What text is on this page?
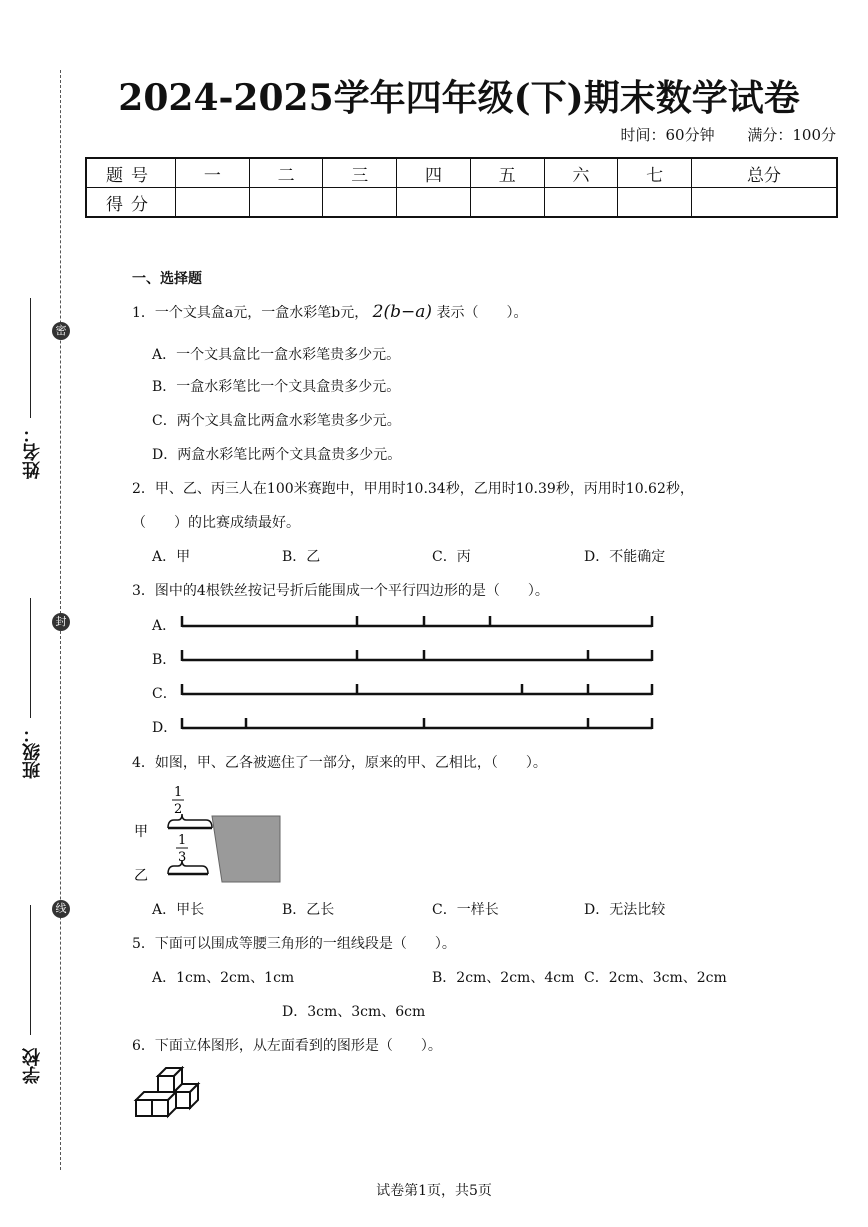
密
封
线
姓名：
班级：
学校
2024-2025学年四年级(下)期末数学试卷
时间：60分钟 满分：100分
题号	一	二	三	四	五	六	七	总分
得分								
一、选择题
1．一个文具盒a元，一盒水彩笔b元， 2(b−a) 表示（　　）。
A．一个文具盒比一盒水彩笔贵多少元。
B．一盒水彩笔比一个文具盒贵多少元。
C．两个文具盒比两盒水彩笔贵多少元。
D．两盒水彩笔比两个文具盒贵多少元。
2．甲、乙、丙三人在100米赛跑中，甲用时10.34秒，乙用时10.39秒，丙用时10.62秒，
（　　）的比赛成绩最好。
A．甲	B．乙	C．丙	D．不能确定
3．图中的4根铁丝按记号折后能围成一个平行四边形的是（　　）。
A．
B．
C．
D．
4．如图，甲、乙各被遮住了一部分，原来的甲、乙相比，（　　）。
1
2
甲
1
3
乙
A．甲长	B．乙长	C．一样长	D．无法比较
5．下面可以围成等腰三角形的一组线段是（　　）。
A．1cm、2cm、1cm	B．2cm、2cm、4cm C．2cm、3cm、2cm
D．3cm、3cm、6cm
6．下面立体图形，从左面看到的图形是（　　）。
试卷第1页，共5页
